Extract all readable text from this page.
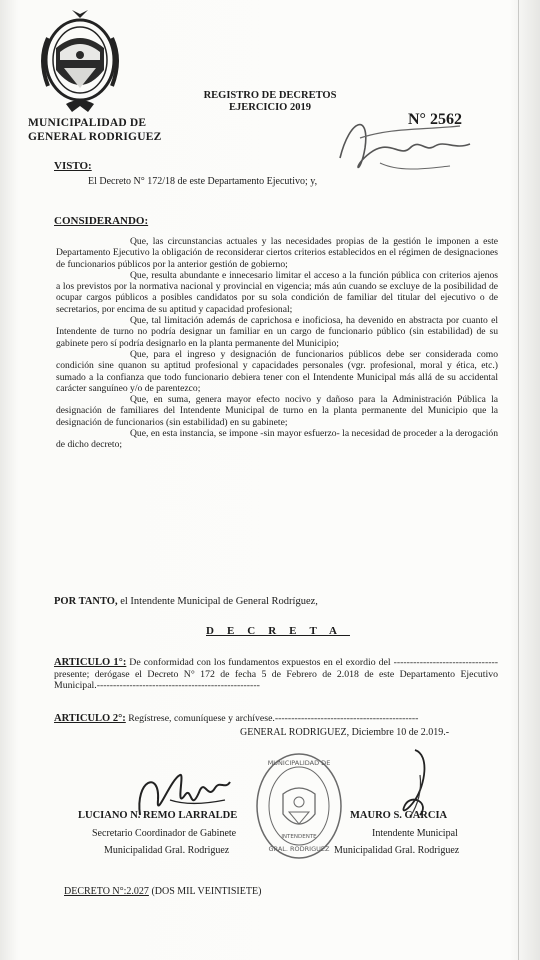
MUNICIPALIDAD DE
GENERAL RODRIGUEZ
REGISTRO DE DECRETOS
EJERCICIO 2019
N° 2562
VISTO:
El Decreto N° 172/18 de este Departamento Ejecutivo; y,
CONSIDERANDO:

Que, las circunstancias actuales y las necesidades propias de la gestión le imponen a este Departamento Ejecutivo la obligación de reconsiderar ciertos criterios establecidos en el régimen de designaciones de funcionarios públicos por la anterior gestión de gobierno;

Que, resulta abundante e innecesario limitar el acceso a la función pública con criterios ajenos a los previstos por la normativa nacional y provincial en vigencia; más aún cuando se excluye de la posibilidad de ocupar cargos públicos a posibles candidatos por su sola condición de familiar del titular del ejecutivo o de secretarios, por encima de su aptitud y capacidad profesional;

Que, tal limitación además de caprichosa e inoficiosa, ha devenido en abstracta por cuanto el Intendente de turno no podría designar un familiar en un cargo de funcionario público (sin estabilidad) de su gabinete pero sí podría designarlo en la planta permanente del Municipio;

Que, para el ingreso y designación de funcionarios públicos debe ser considerada como condición sine quanon su aptitud profesional y capacidades personales (vgr. profesional, moral y ética, etc.) sumado a la confianza que todo funcionario debiera tener con el Intendente Municipal más allá de su accidental carácter sanguíneo y/o de parentezco;

Que, en suma, genera mayor efecto nocivo y dañoso para la Administración Pública la designación de familiares del Intendente Municipal de turno en la planta permanente del Municipio que la designación de funcionarios (sin estabilidad) en su gabinete;

Que, en esta instancia, se impone -sin mayor esfuerzo- la necesidad de proceder a la derogación de dicho decreto;

POR TANTO, el Intendente Municipal de General Rodríguez,
DECRETA
ARTICULO 1°: De conformidad con los fundamentos expuestos en el exordio del -------------------------------- presente; derógase el Decreto N° 172 de fecha 5 de Febrero de 2.018 de este Departamento Ejecutivo Municipal.--------------------------------------------------
ARTICULO 2°: Regístrese, comuníquese y archívese.--------------------------------------------
GENERAL RODRIGUEZ, Diciembre 10 de 2.019.-
MUNICIPALIDAD DE
GRAL. RODRIGUEZ
INTENDENTE
LUCIANO N. REMO LARRALDE
Secretario Coordinador de Gabinete
Municipalidad Gral. Rodriguez
MAURO S. GARCIA
Intendente Municipal
Municipalidad Gral. Rodriguez
DECRETO N°:2.027 (DOS MIL VEINTISIETE)
